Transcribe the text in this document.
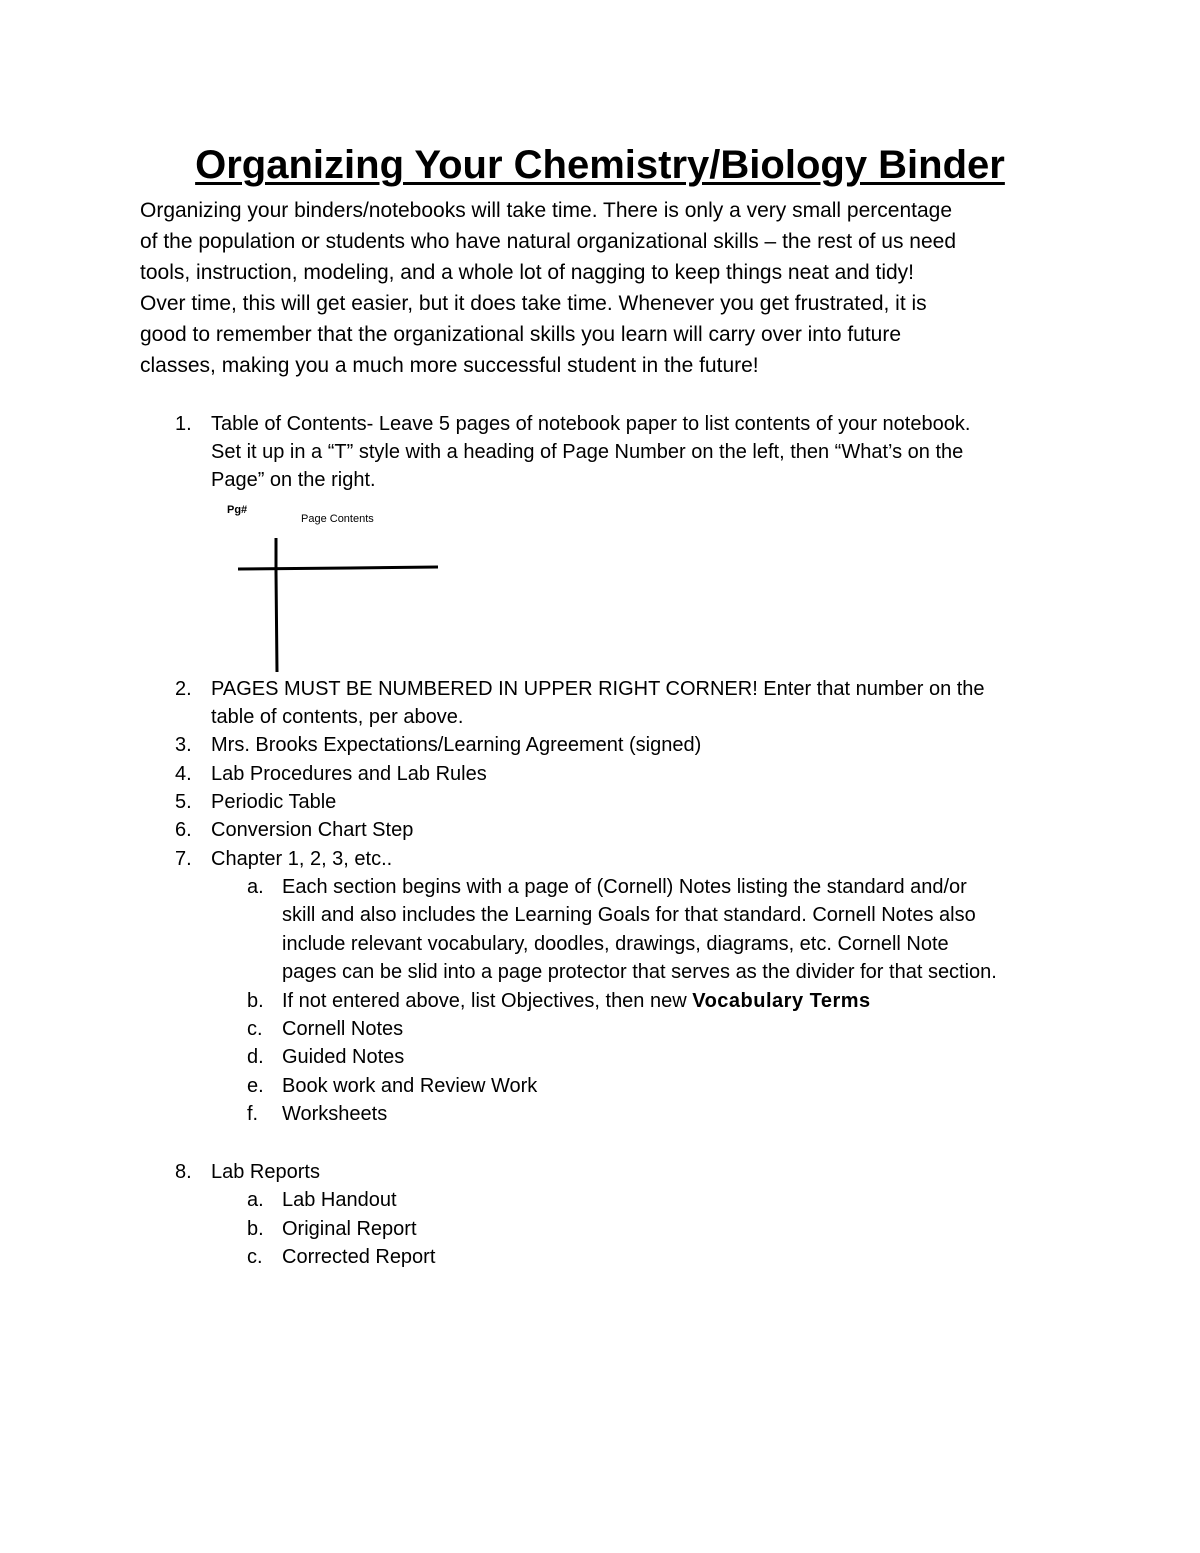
Organizing Your Chemistry/Biology Binder
Organizing your binders/notebooks will take time. There is only a very small percentage
of the population or students who have natural organizational skills – the rest of us need
tools, instruction, modeling, and a whole lot of nagging to keep things neat and tidy!
Over time, this will get easier, but it does take time. Whenever you get frustrated, it is
good to remember that the organizational skills you learn will carry over into future
classes, making you a much more successful student in the future!
1. Table of Contents- Leave 5 pages of notebook paper to list contents of your notebook.

Set it up in a “T” style with a heading of Page Number on the left, then “What’s on the

Page” on the right.

Pg#
Page Contents
2. PAGES MUST BE NUMBERED IN UPPER RIGHT CORNER! Enter that number on the

table of contents, per above.

3. Mrs. Brooks Expectations/Learning Agreement (signed)

4. Lab Procedures and Lab Rules

5. Periodic Table

6. Conversion Chart Step

7. Chapter 1, 2, 3, etc..

a. Each section begins with a page of (Cornell) Notes listing the standard and/or

skill and also includes the Learning Goals for that standard. Cornell Notes also

include relevant vocabulary, doodles, drawings, diagrams, etc. Cornell Note

pages can be slid into a page protector that serves as the divider for that section.

b. If not entered above, list Objectives, then new Vocabulary Terms

c. Cornell Notes

d. Guided Notes

e. Book work and Review Work

f. Worksheets

8. Lab Reports

a. Lab Handout

b. Original Report

c. Corrected Report
